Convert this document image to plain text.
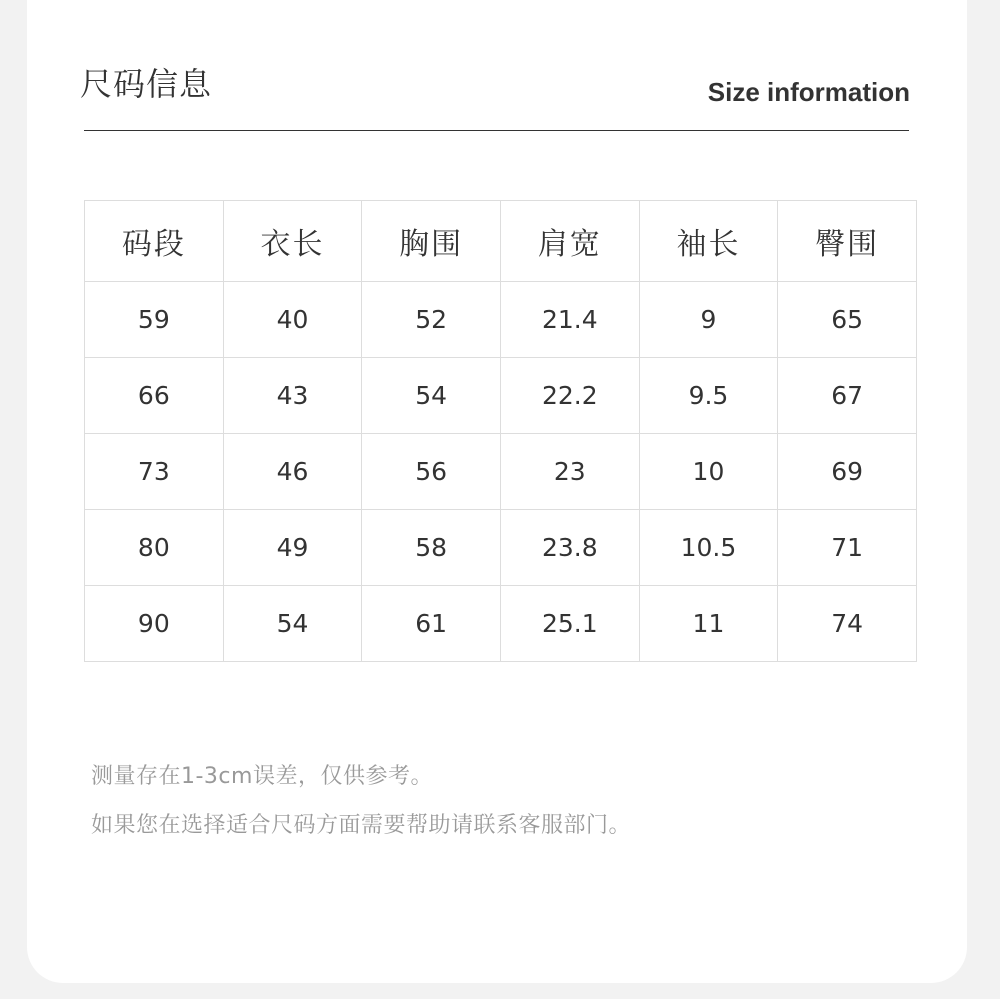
尺码信息	Size information
码段	衣长	胸围	肩宽	袖长	臀围
59	40	52	21.4	9	65
66	43	54	22.2	9.5	67
73	46	56	23	10	69
80	49	58	23.8	10.5	71
90	54	61	25.1	11	74
测量存在1-3cm误差，仅供参考。
如果您在选择适合尺码方面需要帮助请联系客服部门。
